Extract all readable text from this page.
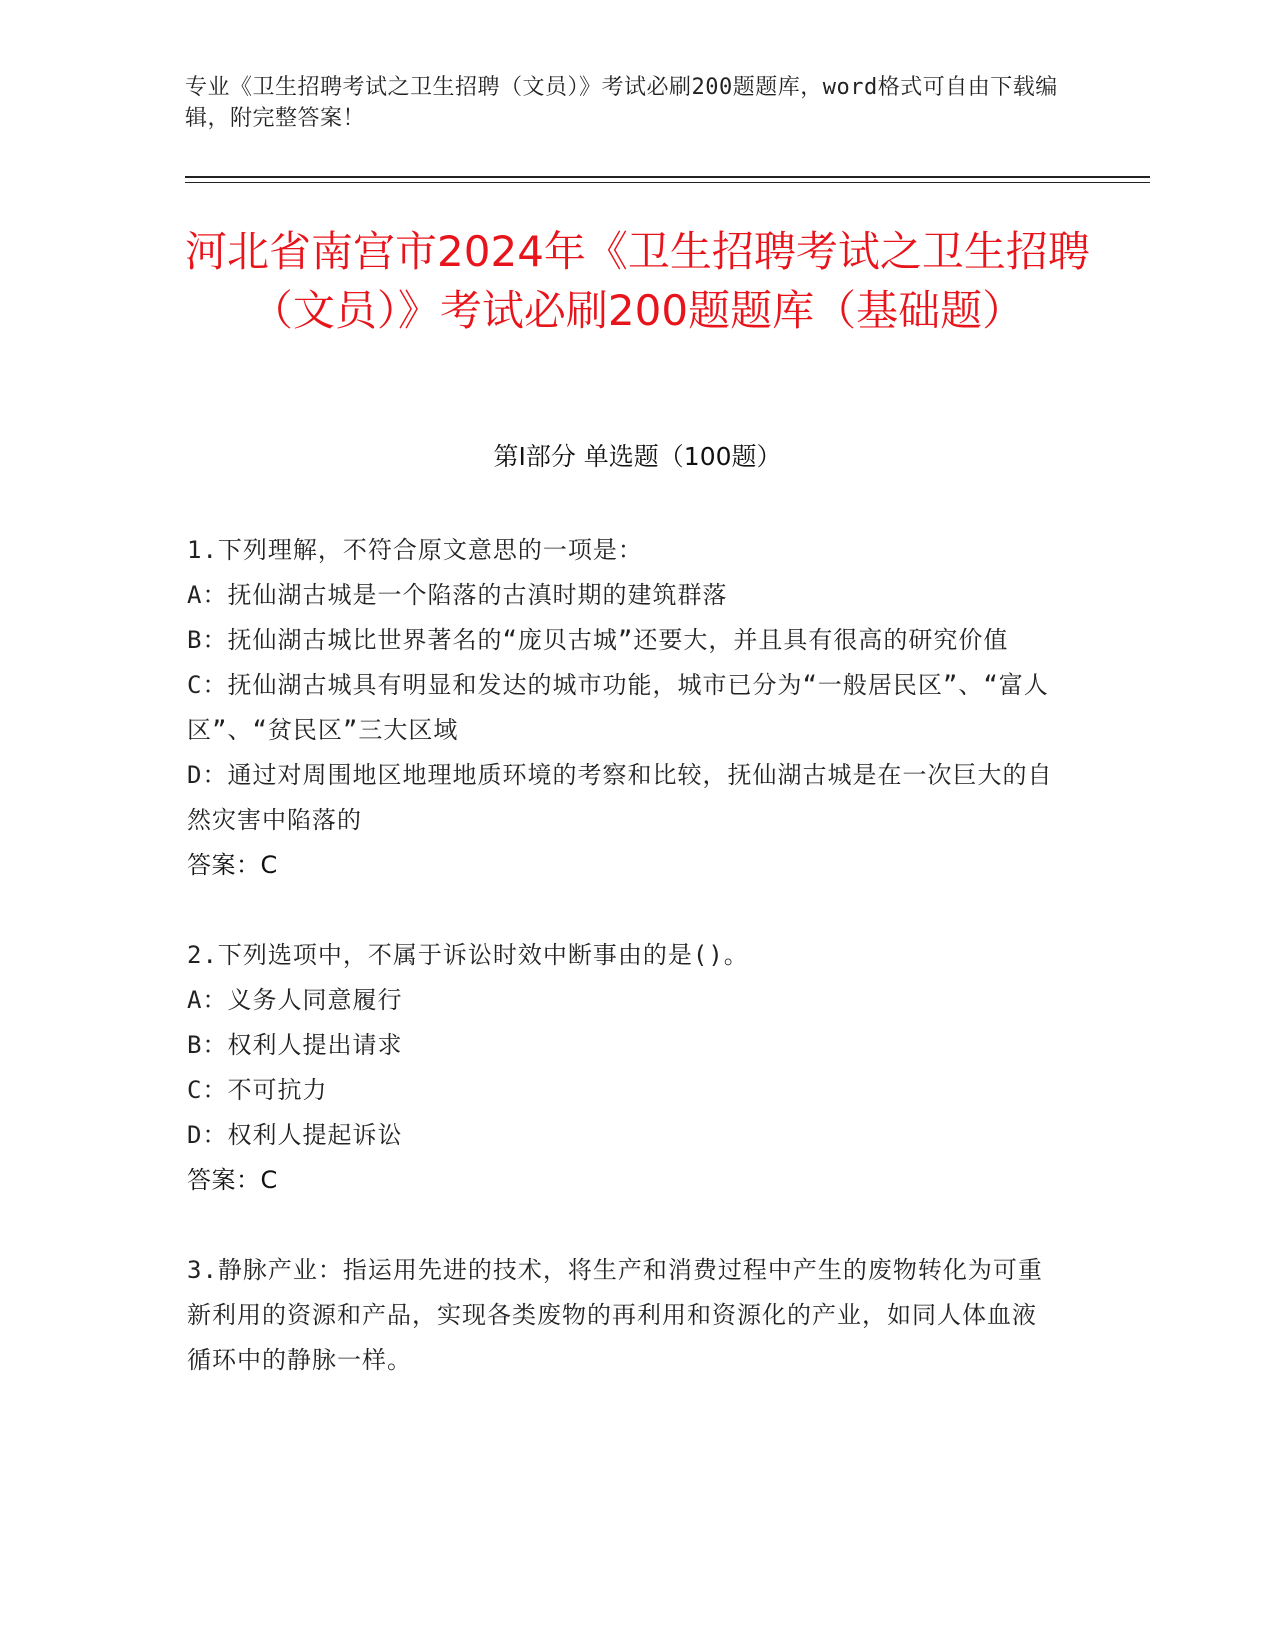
专业《卫生招聘考试之卫生招聘（文员）》考试必刷200题题库，word格式可自由下载编辑，附完整答案！
河北省南宫市2024年《卫生招聘考试之卫生招聘（文员）》考试必刷200题题库（基础题）
第Ⅰ部分 单选题（100题）
1.下列理解，不符合原文意思的一项是：
A：抚仙湖古城是一个陷落的古滇时期的建筑群落
B：抚仙湖古城比世界著名的“庞贝古城”还要大，并且具有很高的研究价值
C：抚仙湖古城具有明显和发达的城市功能，城市已分为“一般居民区”、“富人区”、“贫民区”三大区域
D：通过对周围地区地理地质环境的考察和比较，抚仙湖古城是在一次巨大的自然灾害中陷落的
答案：C
2.下列选项中，不属于诉讼时效中断事由的是()。
A：义务人同意履行
B：权利人提出请求
C：不可抗力
D：权利人提起诉讼
答案：C
3.静脉产业：指运用先进的技术，将生产和消费过程中产生的废物转化为可重新利用的资源和产品，实现各类废物的再利用和资源化的产业，如同人体血液循环中的静脉一样。
